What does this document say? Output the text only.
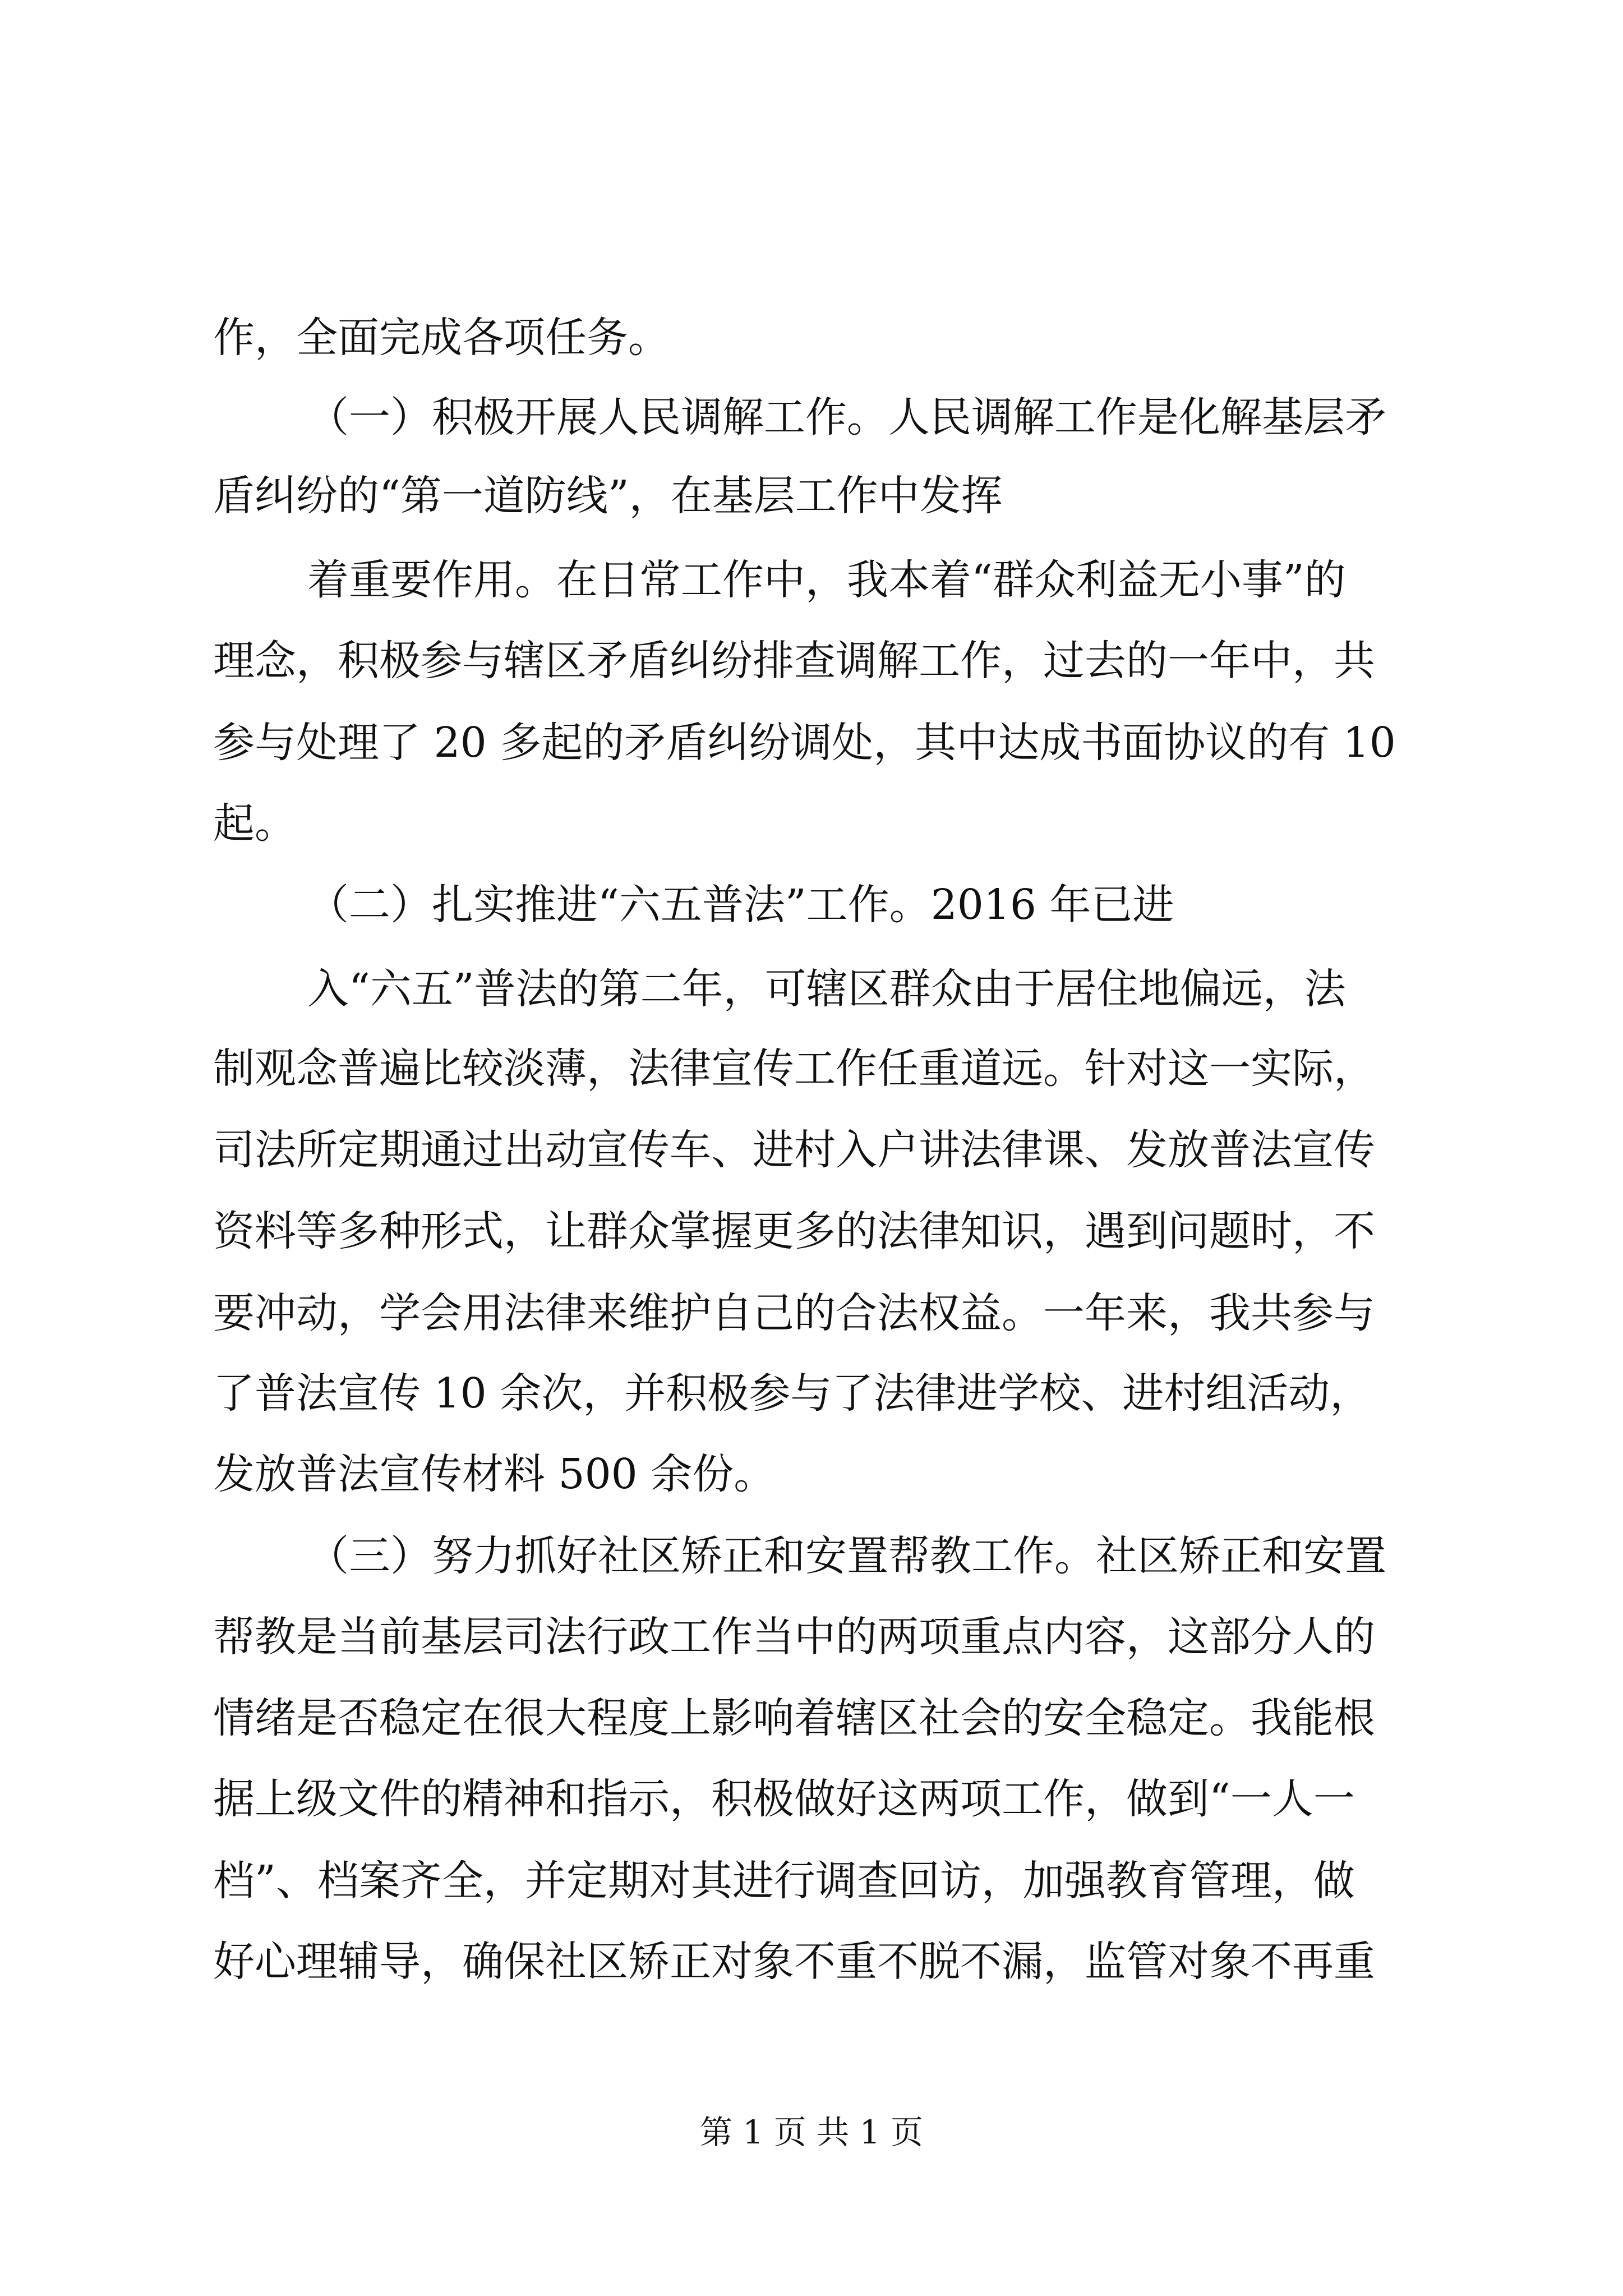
作，全面完成各项任务。
（一）积极开展人民调解工作。人民调解工作是化解基层矛
盾纠纷的“第一道防线”，在基层工作中发挥
着重要作用。在日常工作中，我本着“群众利益无小事”的
理念，积极参与辖区矛盾纠纷排查调解工作，过去的一年中，共
参与处理了 20 多起的矛盾纠纷调处，其中达成书面协议的有 10
起。
（二）扎实推进“六五普法”工作。2016 年已进
入“六五”普法的第二年，可辖区群众由于居住地偏远，法
制观念普遍比较淡薄，法律宣传工作任重道远。针对这一实际，
司法所定期通过出动宣传车、进村入户讲法律课、发放普法宣传
资料等多种形式，让群众掌握更多的法律知识，遇到问题时，不
要冲动，学会用法律来维护自己的合法权益。一年来，我共参与
了普法宣传 10 余次，并积极参与了法律进学校、进村组活动，
发放普法宣传材料 500 余份。
（三）努力抓好社区矫正和安置帮教工作。社区矫正和安置
帮教是当前基层司法行政工作当中的两项重点内容，这部分人的
情绪是否稳定在很大程度上影响着辖区社会的安全稳定。我能根
据上级文件的精神和指示，积极做好这两项工作，做到“一人一
档”、档案齐全，并定期对其进行调查回访，加强教育管理，做
好心理辅导，确保社区矫正对象不重不脱不漏，监管对象不再重
第 1 页 共 1 页
